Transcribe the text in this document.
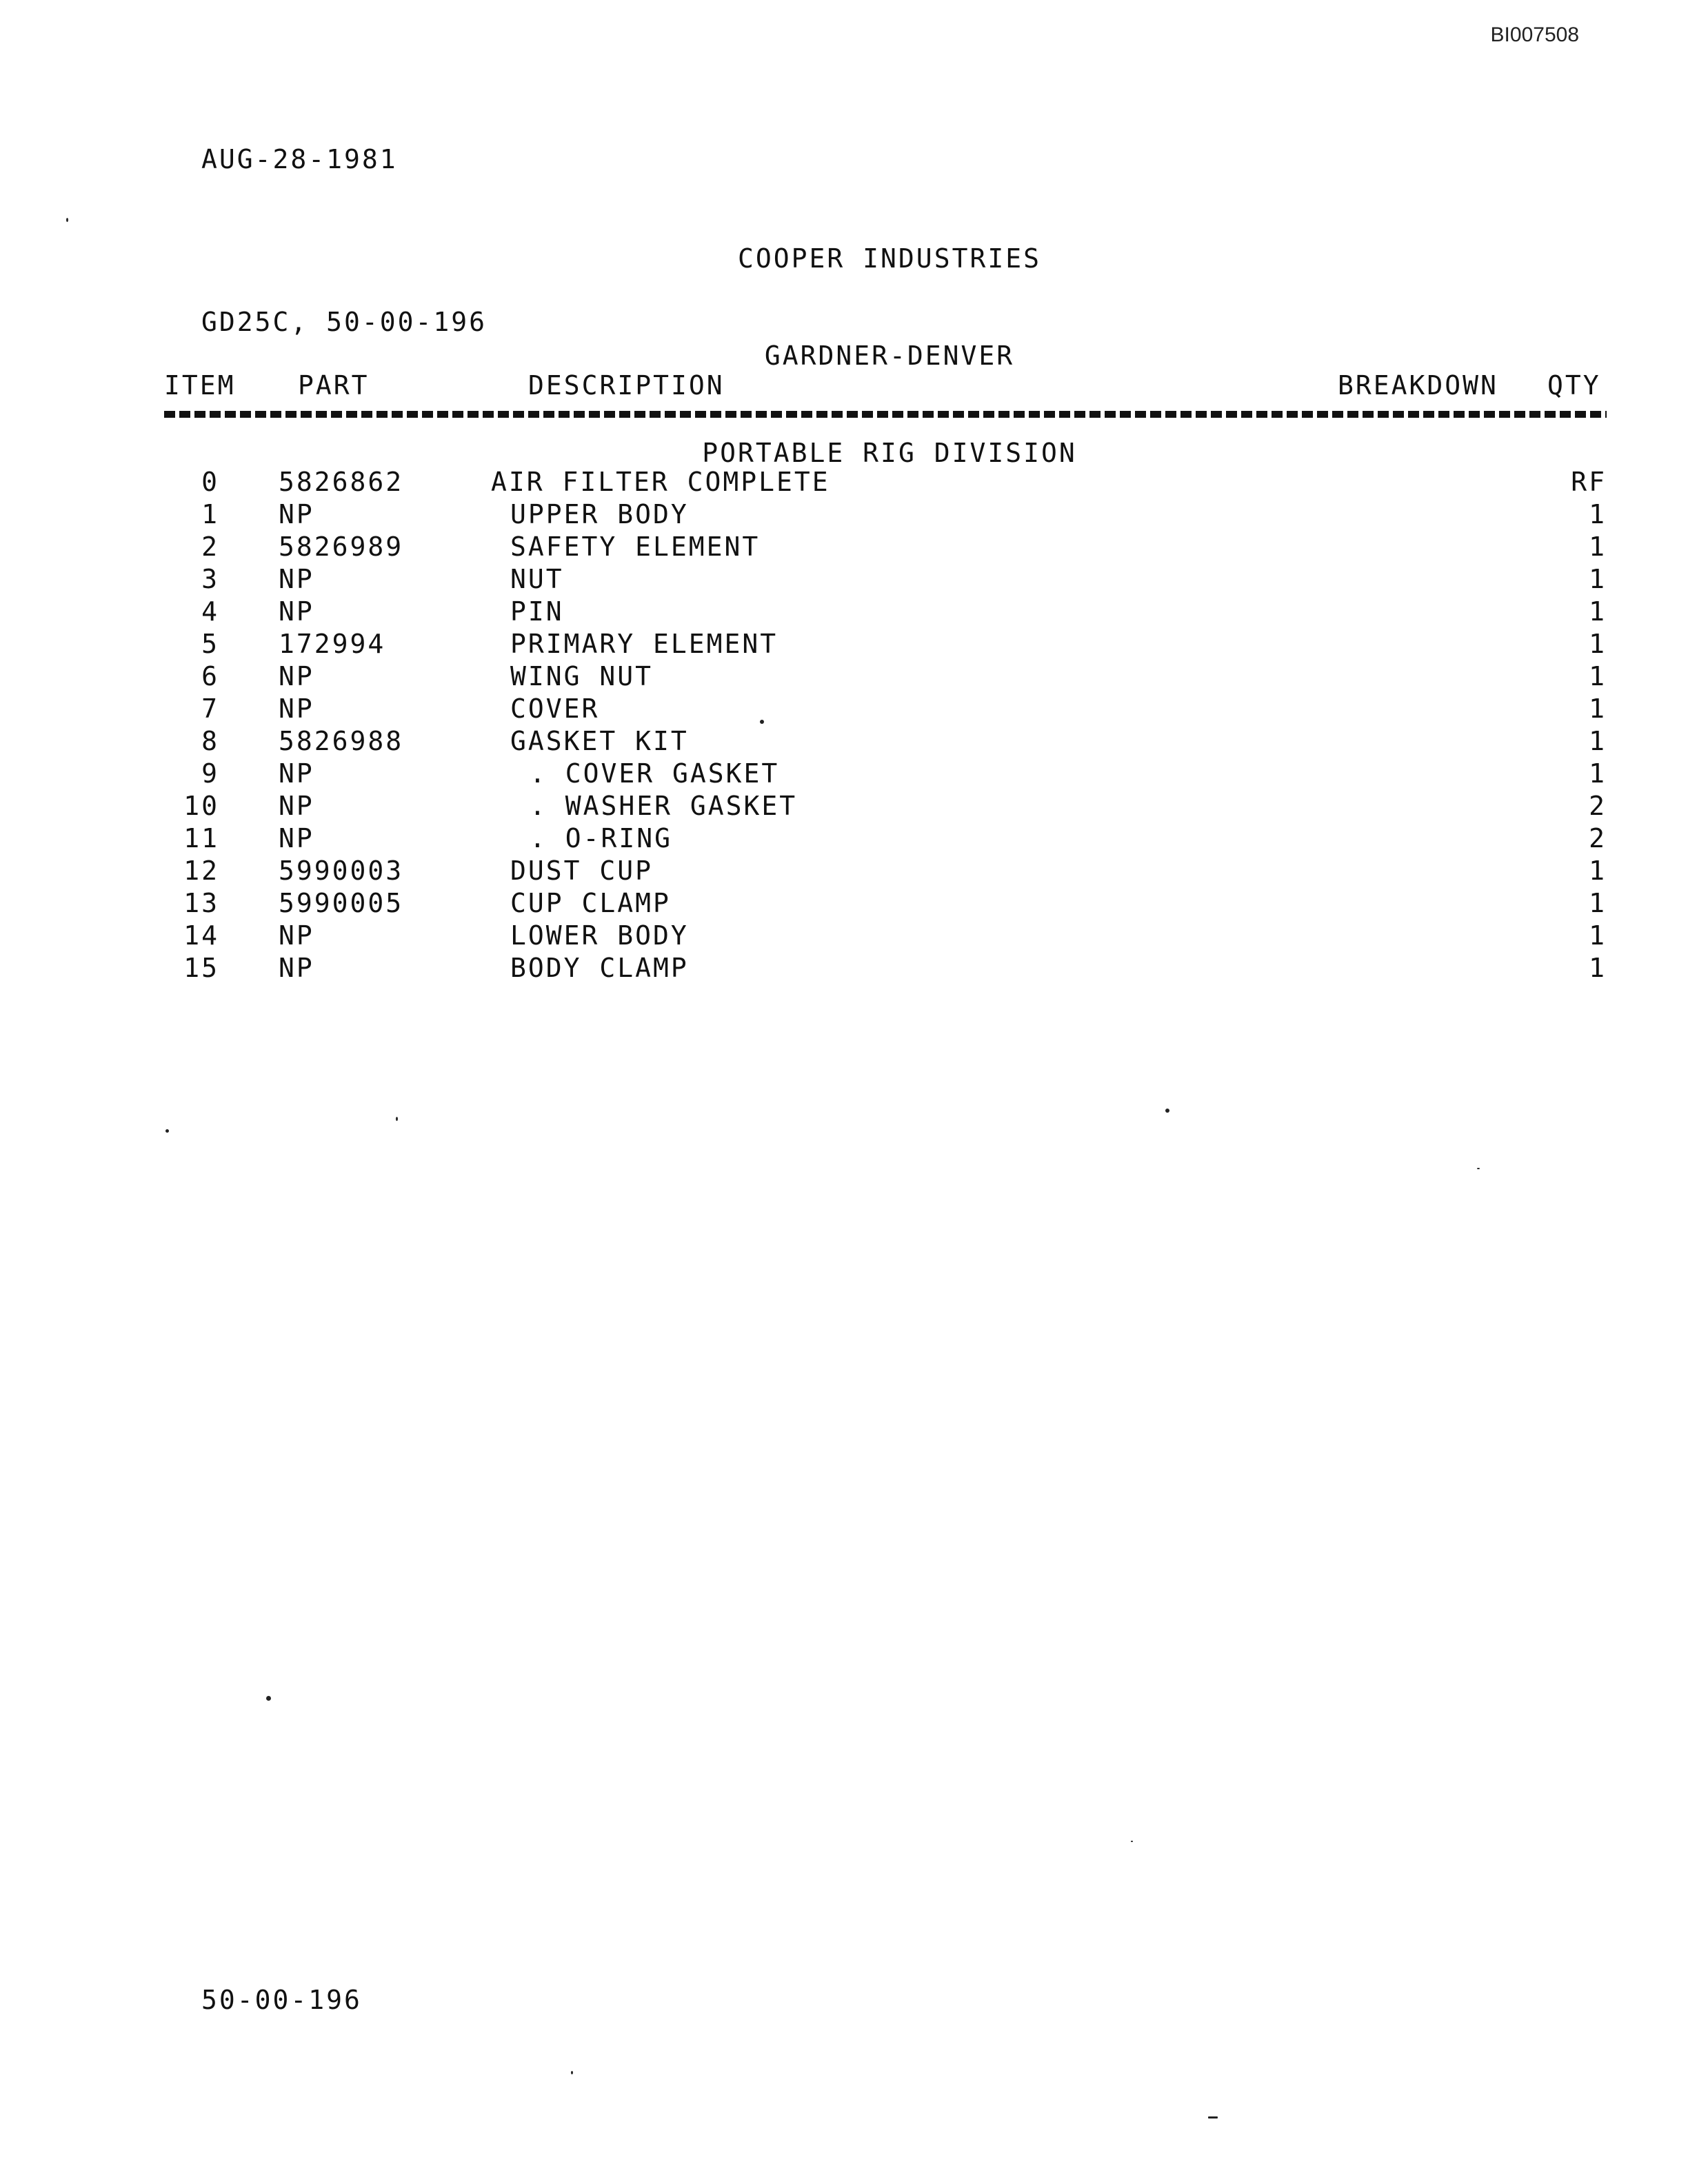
BI007508
AUG-28-1981

COOPER INDUSTRIES

GARDNER-DENVER

PORTABLE RIG DIVISION

GD25C, 50-00-196
ITEM PART	DESCRIPTION	BREAKDOWN QTY
0 5826862	AIR FILTER COMPLETE	RF
1 NP	UPPER BODY	1
2 5826989	SAFETY ELEMENT	1
3 NP	NUT	1
4 NP	PIN	1
5 172994	PRIMARY ELEMENT	1
6 NP	WING NUT	1
7 NP	COVER	1
8 5826988	GASKET KIT	1
9 NP	. COVER GASKET	1
10 NP	. WASHER GASKET	2
11 NP	. O-RING	2
12 5990003	DUST CUP	1
13 5990005	CUP CLAMP	1
14 NP	LOWER BODY	1
15 NP	BODY CLAMP	1
50-00-196
